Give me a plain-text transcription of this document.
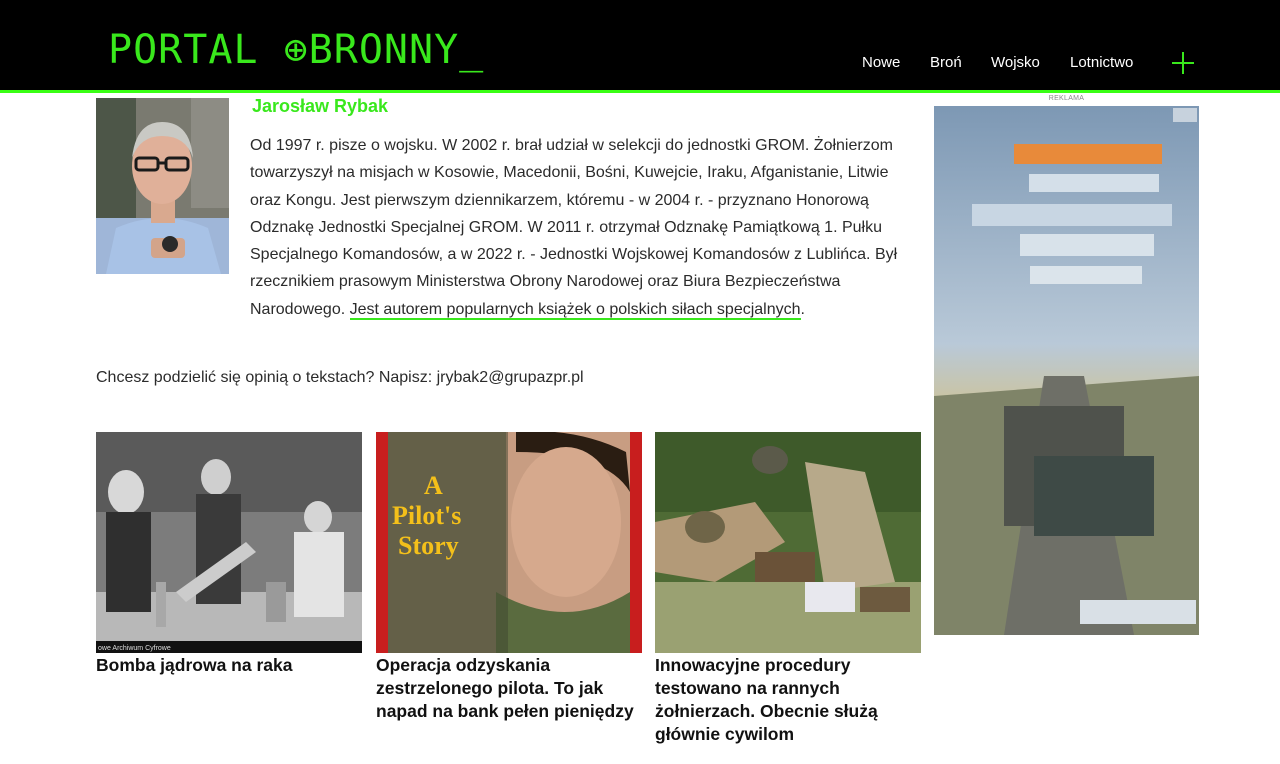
PORTAL ⊕BRONNY_	Nowe Broń Wojsko Lotnictwo
Jarosław Rybak
Od 1997 r. pisze o wojsku. W 2002 r. brał udział w selekcji do jednostki GROM. Żołnierzom towarzyszył na misjach w Kosowie, Macedonii, Bośni, Kuwejcie, Iraku, Afganistanie, Litwie oraz Kongu. Jest pierwszym dziennikarzem, któremu - w 2004 r. - przyznano Honorową Odznakę Jednostki Specjalnej GROM. W 2011 r. otrzymał Odznakę Pamiątkową 1. Pułku Specjalnego Komandosów, a w 2022 r. - Jednostki Wojskowej Komandosów z Lublińca. Był rzecznikiem prasowym Ministerstwa Obrony Narodowej oraz Biura Bezpieczeństwa Narodowego. Jest autorem popularnych książek o polskich siłach specjalnych.
Chcesz podzielić się opinią o tekstach? Napisz: jrybak2@grupazpr.pl
owe Archiwum Cyfrowe
Bomba jądrowa na raka
A
Pilot's
Story
Operacja odzyskania zestrzelonego pilota. To jak napad na bank pełen pieniędzy
Innowacyjne procedury testowano na rannych żołnierzach. Obecnie służą głównie cywilom
REKLAMA
